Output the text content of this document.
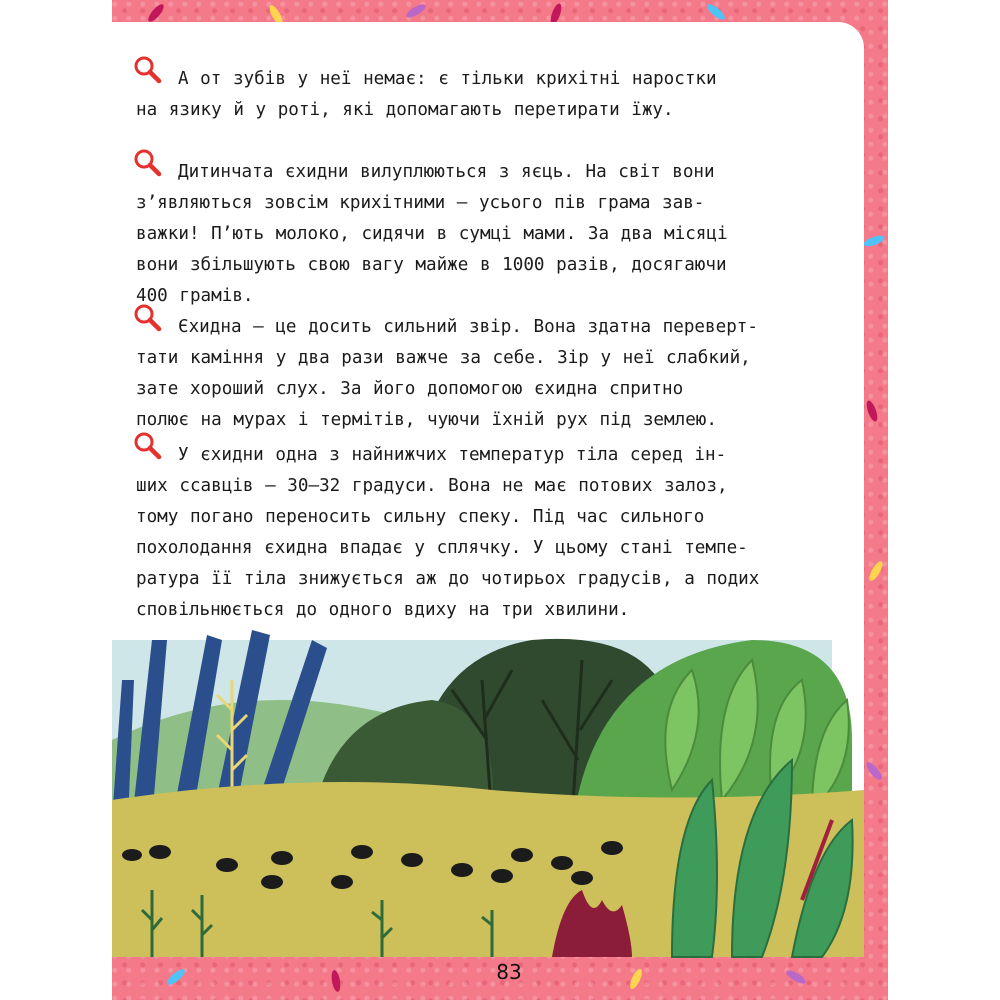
А от зубів у неї немає: є тільки крихітні наростки
на язику й у роті, які допомагають перетирати їжу.

Дитинчата єхидни вилуплюються з яєць. На світ вони
з’являються зовсім крихітними — усього пів грама зав-
важки! П’ють молоко, сидячи в сумці мами. За два місяці
вони збільшують свою вагу майже в 1000 разів, досягаючи
400 грамів.

Єхидна — це досить сильний звір. Вона здатна переверт-
тати каміння у два рази важче за себе. Зір у неї слабкий,
зате хороший слух. За його допомогою єхидна спритно
полює на мурах і термітів, чуючи їхній рух під землею.

У єхидни одна з найнижчих температур тіла серед ін-
ших ссавців — 30–32 градуси. Вона не має потових залоз,
тому погано переносить сильну спеку. Під час сильного
похолодання єхидна впадає у сплячку. У цьому стані темпе-
ратура її тіла знижується аж до чотирьох градусів, а подих
сповільнюється до одного вдиху на три хвилини.

83
